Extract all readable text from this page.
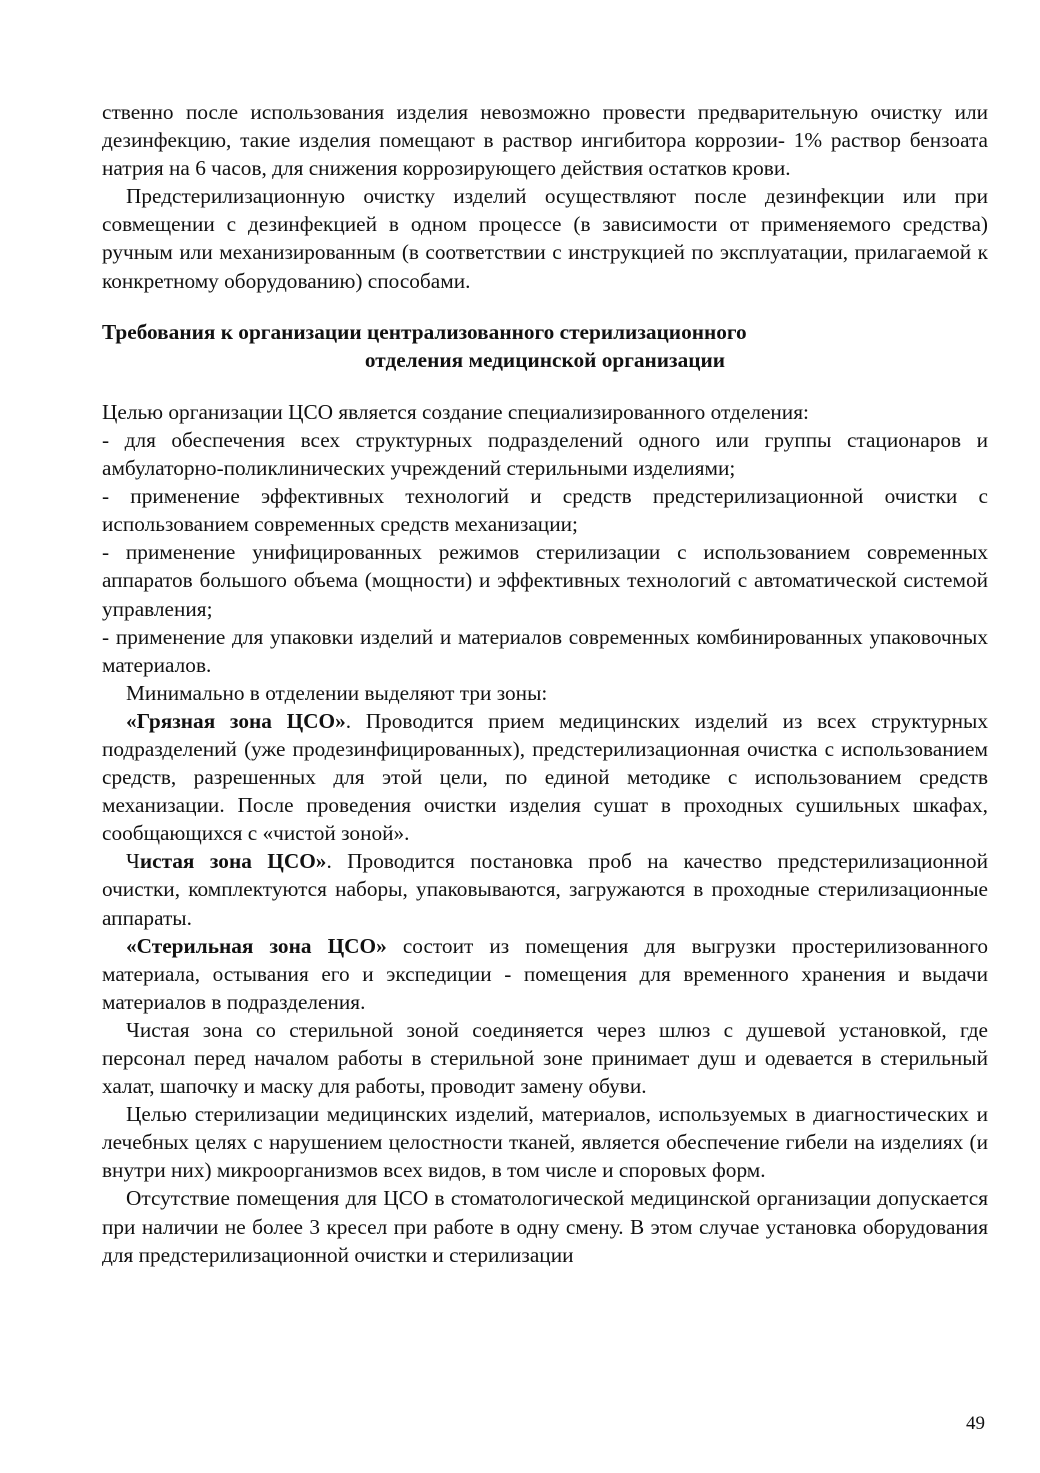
ственно после использования изделия невозможно провести предварительную очистку или дезинфекцию, такие изделия помещают в раствор ингибитора коррозии- 1% раствор бензоата натрия на 6 часов, для снижения коррозирующего действия остатков крови.

Предстерилизационную очистку изделий осуществляют после дезинфекции или при совмещении с дезинфекцией в одном процессе (в зависимости от применяемого средства) ручным или механизированным (в соответствии с инструкцией по эксплуатации, прилагаемой к конкретному оборудованию) способами.

Требования к организации централизованного стерилизационного
отделения медицинской организации

Целью организации ЦСО является создание специализированного отделения:

- для обеспечения всех структурных подразделений одного или группы стационаров и амбулаторно-поликлинических учреждений стерильными изделиями;

- применение эффективных технологий и средств предстерилизационной очистки с использованием современных средств механизации;

- применение унифицированных режимов стерилизации с использованием современных аппаратов большого объема (мощности) и эффективных технологий с автоматической системой управления;

- применение для упаковки изделий и материалов современных комбинированных упаковочных материалов.

Минимально в отделении выделяют три зоны:

«Грязная зона ЦСО». Проводится прием медицинских изделий из всех структурных подразделений (уже продезинфицированных), предстерилизационная очистка с использованием средств, разрешенных для этой цели, по единой методике с использованием средств механизации. После проведения очистки изделия сушат в проходных сушильных шкафах, сообщающихся с «чистой зоной».

Чистая зона ЦСО». Проводится постановка проб на качество предстерилизационной очистки, комплектуются наборы, упаковываются, загружаются в проходные стерилизационные аппараты.

«Стерильная зона ЦСО» состоит из помещения для выгрузки простерилизованного материала, остывания его и экспедиции - помещения для временного хранения и выдачи материалов в подразделения.

Чистая зона со стерильной зоной соединяется через шлюз с душевой установкой, где персонал перед началом работы в стерильной зоне принимает душ и одевается в стерильный халат, шапочку и маску для работы, проводит замену обуви.

Целью стерилизации медицинских изделий, материалов, используемых в диагностических и лечебных целях с нарушением целостности тканей, является обеспечение гибели на изделиях (и внутри них) микроорганизмов всех видов, в том числе и споровых форм.

Отсутствие помещения для ЦСО в стоматологической медицинской организации допускается при наличии не более 3 кресел при работе в одну смену. В этом случае установка оборудования для предстерилизационной очистки и стерилизации

49
